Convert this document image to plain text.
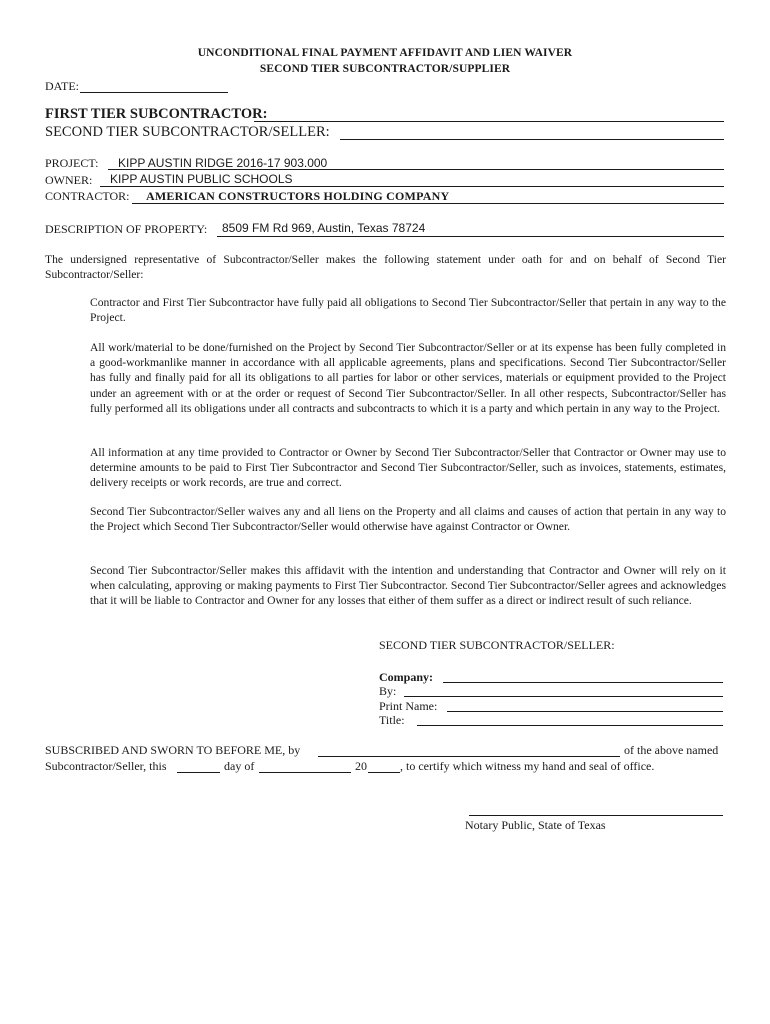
UNCONDITIONAL FINAL PAYMENT AFFIDAVIT AND LIEN WAIVER
SECOND TIER SUBCONTRACTOR/SUPPLIER
DATE:
FIRST TIER SUBCONTRACTOR:
SECOND TIER SUBCONTRACTOR/SELLER:
PROJECT: KIPP AUSTIN RIDGE 2016-17 903.000
OWNER: KIPP AUSTIN PUBLIC SCHOOLS
CONTRACTOR: AMERICAN CONSTRUCTORS HOLDING COMPANY
DESCRIPTION OF PROPERTY: 8509 FM Rd 969, Austin, Texas 78724
The undersigned representative of Subcontractor/Seller makes the following statement under oath for and on behalf of Second Tier Subcontractor/Seller:
Contractor and First Tier Subcontractor have fully paid all obligations to Second Tier Subcontractor/Seller that pertain in any way to the Project.
All work/material to be done/furnished on the Project by Second Tier Subcontractor/Seller or at its expense has been fully completed in a good-workmanlike manner in accordance with all applicable agreements, plans and specifications. Second Tier Subcontractor/Seller has fully and finally paid for all its obligations to all parties for labor or other services, materials or equipment provided to the Project under an agreement with or at the order or request of Second Tier Subcontractor/Seller. In all other respects, Subcontractor/Seller has fully performed all its obligations under all contracts and subcontracts to which it is a party and which pertain in any way to the Project.
All information at any time provided to Contractor or Owner by Second Tier Subcontractor/Seller that Contractor or Owner may use to determine amounts to be paid to First Tier Subcontractor and Second Tier Subcontractor/Seller, such as invoices, statements, estimates, delivery receipts or work records, are true and correct.
Second Tier Subcontractor/Seller waives any and all liens on the Property and all claims and causes of action that pertain in any way to the Project which Second Tier Subcontractor/Seller would otherwise have against Contractor or Owner.
Second Tier Subcontractor/Seller makes this affidavit with the intention and understanding that Contractor and Owner will rely on it when calculating, approving or making payments to First Tier Subcontractor. Second Tier Subcontractor/Seller agrees and acknowledges that it will be liable to Contractor and Owner for any losses that either of them suffer as a direct or indirect result of such reliance.
SECOND TIER SUBCONTRACTOR/SELLER:
Company:
By:
Print Name:
Title:
SUBSCRIBED AND SWORN TO BEFORE ME, by	of the above named
Subcontractor/Seller, this	day of	20	, to certify which witness my hand and seal of office.
Notary Public, State of Texas
